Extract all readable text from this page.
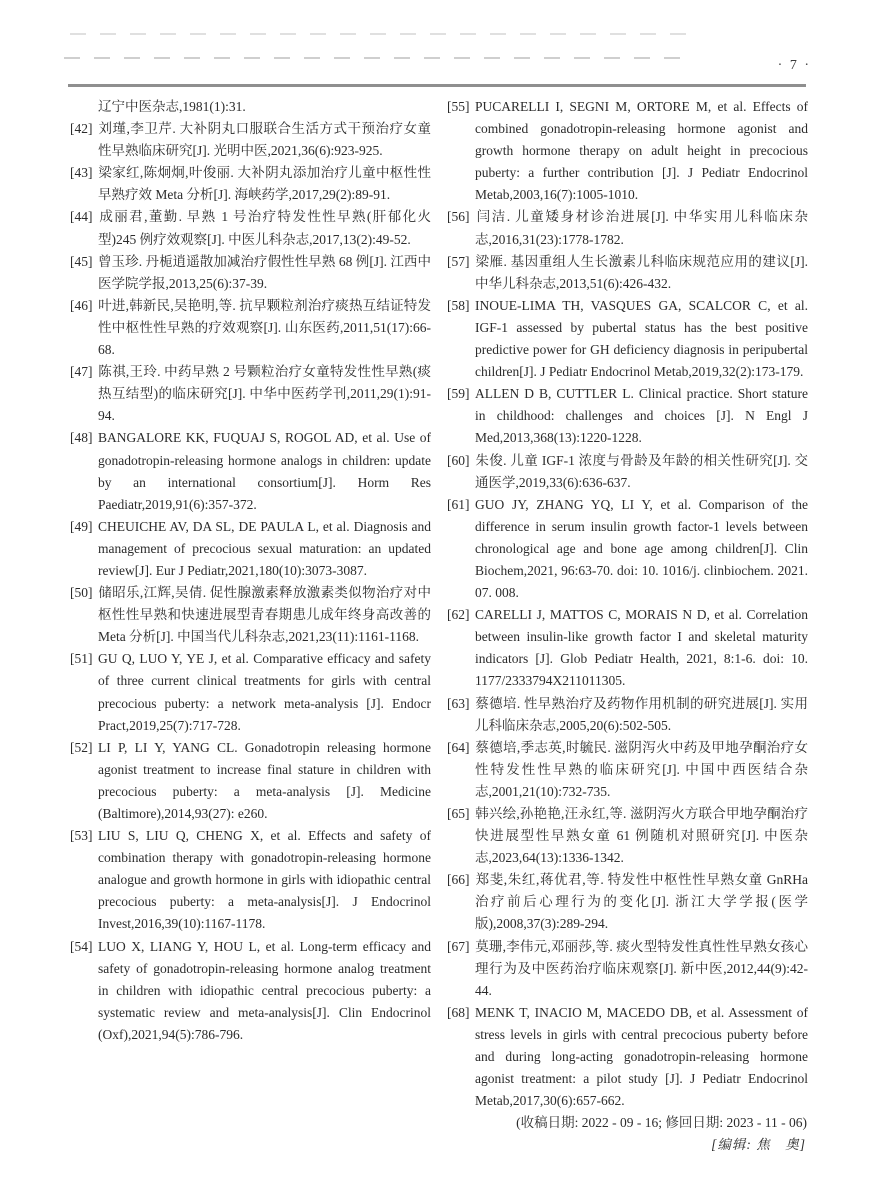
· 7 ·
辽宁中医杂志,1981(1):31.
[42] 刘瑾,李卫芹. 大补阴丸口服联合生活方式干预治疗女童性早熟临床研究[J]. 光明中医,2021,36(6):923-925.
[43] 梁家红,陈炯炯,叶俊丽. 大补阴丸添加治疗儿童中枢性性早熟疗效 Meta 分析[J]. 海峡药学,2017,29(2):89-91.
[44] 成丽君,董勤. 早熟 1 号治疗特发性性早熟(肝郁化火型)245 例疗效观察[J]. 中医儿科杂志,2017,13(2):49-52.
[45] 曾玉珍. 丹栀逍遥散加减治疗假性性早熟 68 例[J]. 江西中医学院学报,2013,25(6):37-39.
[46] 叶进,韩新民,吴艳明,等. 抗早颗粒剂治疗痰热互结证特发性中枢性性早熟的疗效观察[J]. 山东医药,2011,51(17):66-68.
[47] 陈祺,王玲. 中药早熟 2 号颗粒治疗女童特发性性早熟(痰热互结型)的临床研究[J]. 中华中医药学刊,2011,29(1):91-94.
[48] BANGALORE KK, FUQUAJ S, ROGOL AD, et al. Use of gonadotropin-releasing hormone analogs in children: update by an international consortium[J]. Horm Res Paediatr,2019,91(6):357-372.
[49] CHEUICHE AV, DA SL, DE PAULA L, et al. Diagnosis and management of precocious sexual maturation: an updated review[J]. Eur J Pediatr,2021,180(10):3073-3087.
[50] 储昭乐,江辉,吴倩. 促性腺激素释放激素类似物治疗对中枢性性早熟和快速进展型青春期患儿成年终身高改善的 Meta 分析[J]. 中国当代儿科杂志,2021,23(11):1161-1168.
[51] GU Q, LUO Y, YE J, et al. Comparative efficacy and safety of three current clinical treatments for girls with central precocious puberty: a network meta-analysis [J]. Endocr Pract,2019,25(7):717-728.
[52] LI P, LI Y, YANG CL. Gonadotropin releasing hormone agonist treatment to increase final stature in children with precocious puberty: a meta-analysis [J]. Medicine (Baltimore),2014,93(27): e260.
[53] LIU S, LIU Q, CHENG X, et al. Effects and safety of combination therapy with gonadotropin-releasing hormone analogue and growth hormone in girls with idiopathic central precocious puberty: a meta-analysis[J]. J Endocrinol Invest,2016,39(10):1167-1178.
[54] LUO X, LIANG Y, HOU L, et al. Long-term efficacy and safety of gonadotropin-releasing hormone analog treatment in children with idiopathic central precocious puberty: a systematic review and meta-analysis[J]. Clin Endocrinol (Oxf),2021,94(5):786-796.
[55] PUCARELLI I, SEGNI M, ORTORE M, et al. Effects of combined gonadotropin-releasing hormone agonist and growth hormone therapy on adult height in precocious puberty: a further contribution [J]. J Pediatr Endocrinol Metab,2003,16(7):1005-1010.
[56] 闫洁. 儿童矮身材诊治进展[J]. 中华实用儿科临床杂志,2016,31(23):1778-1782.
[57] 梁雁. 基因重组人生长激素儿科临床规范应用的建议[J]. 中华儿科杂志,2013,51(6):426-432.
[58] INOUE-LIMA TH, VASQUES GA, SCALCOR C, et al. IGF-1 assessed by pubertal status has the best positive predictive power for GH deficiency diagnosis in peripubertal children[J]. J Pediatr Endocrinol Metab,2019,32(2):173-179.
[59] ALLEN D B, CUTTLER L. Clinical practice. Short stature in childhood: challenges and choices [J]. N Engl J Med,2013,368(13):1220-1228.
[60] 朱俊. 儿童 IGF-1 浓度与骨龄及年龄的相关性研究[J]. 交通医学,2019,33(6):636-637.
[61] GUO JY, ZHANG YQ, LI Y, et al. Comparison of the difference in serum insulin growth factor-1 levels between chronological age and bone age among children[J]. Clin Biochem,2021, 96:63-70. doi: 10. 1016/j. clinbiochem. 2021. 07. 008.
[62] CARELLI J, MATTOS C, MORAIS N D, et al. Correlation between insulin-like growth factor I and skeletal maturity indicators [J]. Glob Pediatr Health, 2021, 8:1-6. doi: 10. 1177/2333794X211011305.
[63] 蔡德培. 性早熟治疗及药物作用机制的研究进展[J]. 实用儿科临床杂志,2005,20(6):502-505.
[64] 蔡德培,季志英,时毓民. 滋阴泻火中药及甲地孕酮治疗女性特发性性早熟的临床研究[J]. 中国中西医结合杂志,2001,21(10):732-735.
[65] 韩兴绘,孙艳艳,汪永红,等. 滋阴泻火方联合甲地孕酮治疗快进展型性早熟女童 61 例随机对照研究[J]. 中医杂志,2023,64(13):1336-1342.
[66] 郑斐,朱红,蒋优君,等. 特发性中枢性性早熟女童 GnRHa 治疗前后心理行为的变化[J]. 浙江大学学报(医学版),2008,37(3):289-294.
[67] 莫珊,李伟元,邓丽莎,等. 痰火型特发性真性性早熟女孩心理行为及中医药治疗临床观察[J]. 新中医,2012,44(9):42-44.
[68] MENK T, INACIO M, MACEDO DB, et al. Assessment of stress levels in girls with central precocious puberty before and during long-acting gonadotropin-releasing hormone agonist treatment: a pilot study [J]. J Pediatr Endocrinol Metab,2017,30(6):657-662.
(收稿日期: 2022 - 09 - 16; 修回日期: 2023 - 11 - 06)
[编辑: 焦　奥]
